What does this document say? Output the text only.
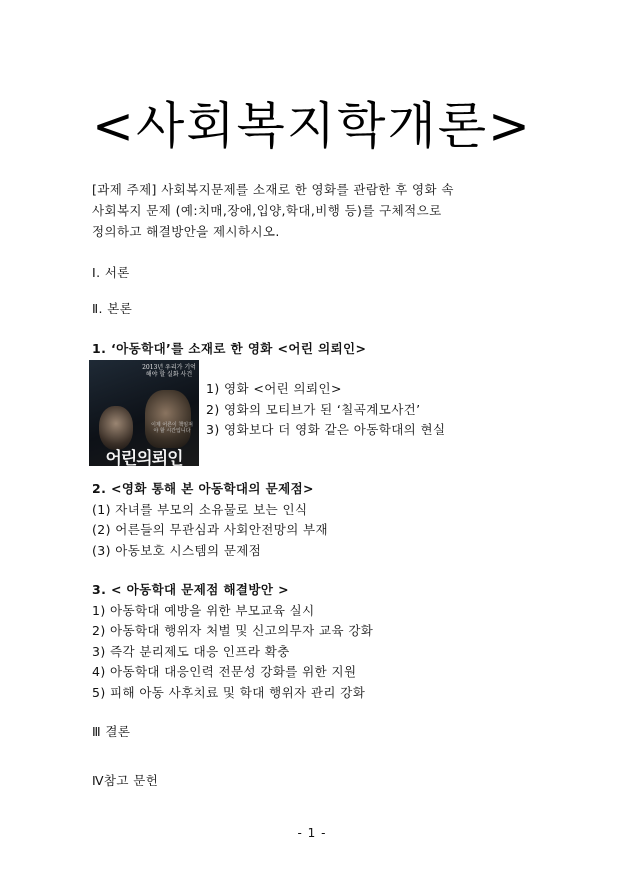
<사회복지학개론>
[과제 주제] 사회복지문제를 소재로 한 영화를 관람한 후 영화 속
사회복지 문제 (예:치매,장애,입양,학대,비행 등)를 구체적으로
정의하고 해결방안을 제시하시오.
Ⅰ. 서론
Ⅱ. 본론
1. ‘아동학대’를 소재로 한 영화 <어린 의뢰인>
2013년 우리가 기억해야 할 실화 사건
이제 어른이 책임져야 할 시간입니다
어린의뢰인
1) 영화 <어린 의뢰인>
2) 영화의 모티브가 된 ‘칠곡계모사건’
3) 영화보다 더 영화 같은 아동학대의 현실
2. <영화 통해 본 아동학대의 문제점>
(1) 자녀를 부모의 소유물로 보는 인식
(2) 어른들의 무관심과 사회안전망의 부재
(3) 아동보호 시스템의 문제점
3. < 아동학대 문제점 해결방안 >
1) 아동학대 예방을 위한 부모교육 실시
2) 아동학대 행위자 처벌 및 신고의무자 교육 강화
3) 즉각 분리제도 대응 인프라 확충
4) 아동학대 대응인력 전문성 강화를 위한 지원
5) 피해 아동 사후치료 및 학대 행위자 관리 강화
Ⅲ 결론
Ⅳ참고 문헌
- 1 -
